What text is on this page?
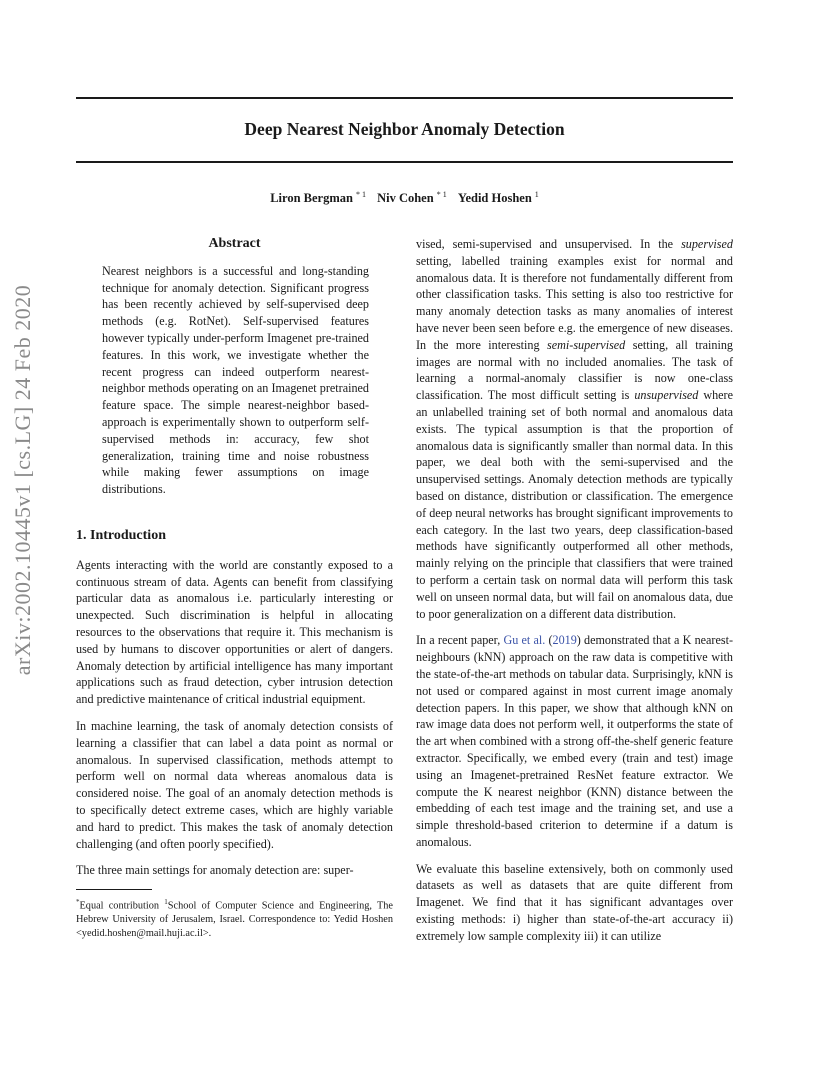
Deep Nearest Neighbor Anomaly Detection
Liron Bergman $^{* 1}$ Niv Cohen $^{* 1}$ Yedid Hoshen $^1$
arXiv:2002.10445v1 [cs.LG] 24 Feb 2020
Abstract

Nearest neighbors is a successful and long-standing technique for anomaly detection. Significant progress has been recently achieved by self-supervised deep methods (e.g. RotNet). Self-supervised features however typically under-perform Imagenet pre-trained features. In this work, we investigate whether the recent progress can indeed outperform nearest-neighbor methods operating on an Imagenet pretrained feature space. The simple nearest-neighbor based-approach is experimentally shown to outperform self-supervised methods in: accuracy, few shot generalization, training time and noise robustness while making fewer assumptions on image distributions.

1. Introduction

Agents interacting with the world are constantly exposed to a continuous stream of data. Agents can benefit from classifying particular data as anomalous i.e. particularly interesting or unexpected. Such discrimination is helpful in allocating resources to the observations that require it. This mechanism is used by humans to discover opportunities or alert of dangers. Anomaly detection by artificial intelligence has many important applications such as fraud detection, cyber intrusion detection and predictive maintenance of critical industrial equipment.

In machine learning, the task of anomaly detection consists of learning a classifier that can label a data point as normal or anomalous. In supervised classification, methods attempt to perform well on normal data whereas anomalous data is considered noise. The goal of an anomaly detection methods is to specifically detect extreme cases, which are highly variable and hard to predict. This makes the task of anomaly detection challenging (and often poorly specified).

The three main settings for anomaly detection are: super-

*Equal contribution $^1$School of Computer Science and Engineering, The Hebrew University of Jerusalem, Israel. Correspondence to: Yedid Hoshen <yedid.hoshen@mail.huji.ac.il>.

vised, semi-supervised and unsupervised. In the supervised setting, labelled training examples exist for normal and anomalous data. It is therefore not fundamentally different from other classification tasks. This setting is also too restrictive for many anomaly detection tasks as many anomalies of interest have never been seen before e.g. the emergence of new diseases. In the more interesting semi-supervised setting, all training images are normal with no included anomalies. The task of learning a normal-anomaly classifier is now one-class classification. The most difficult setting is unsupervised where an unlabelled training set of both normal and anomalous data exists. The typical assumption is that the proportion of anomalous data is significantly smaller than normal data. In this paper, we deal both with the semi-supervised and the unsupervised settings. Anomaly detection methods are typically based on distance, distribution or classification. The emergence of deep neural networks has brought significant improvements to each category. In the last two years, deep classification-based methods have significantly outperformed all other methods, mainly relying on the principle that classifiers that were trained to perform a certain task on normal data will perform this task well on unseen normal data, but will fail on anomalous data, due to poor generalization on a different data distribution.

In a recent paper, Gu et al. (2019) demonstrated that a K nearest-neighbours (kNN) approach on the raw data is competitive with the state-of-the-art methods on tabular data. Surprisingly, kNN is not used or compared against in most current image anomaly detection papers. In this paper, we show that although kNN on raw image data does not perform well, it outperforms the state of the art when combined with a strong off-the-shelf generic feature extractor. Specifically, we embed every (train and test) image using an Imagenet-pretrained ResNet feature extractor. We compute the K nearest neighbor (KNN) distance between the embedding of each test image and the training set, and use a simple threshold-based criterion to determine if a datum is anomalous.

We evaluate this baseline extensively, both on commonly used datasets as well as datasets that are quite different from Imagenet. We find that it has significant advantages over existing methods: i) higher than state-of-the-art accuracy ii) extremely low sample complexity iii) it can utilize
